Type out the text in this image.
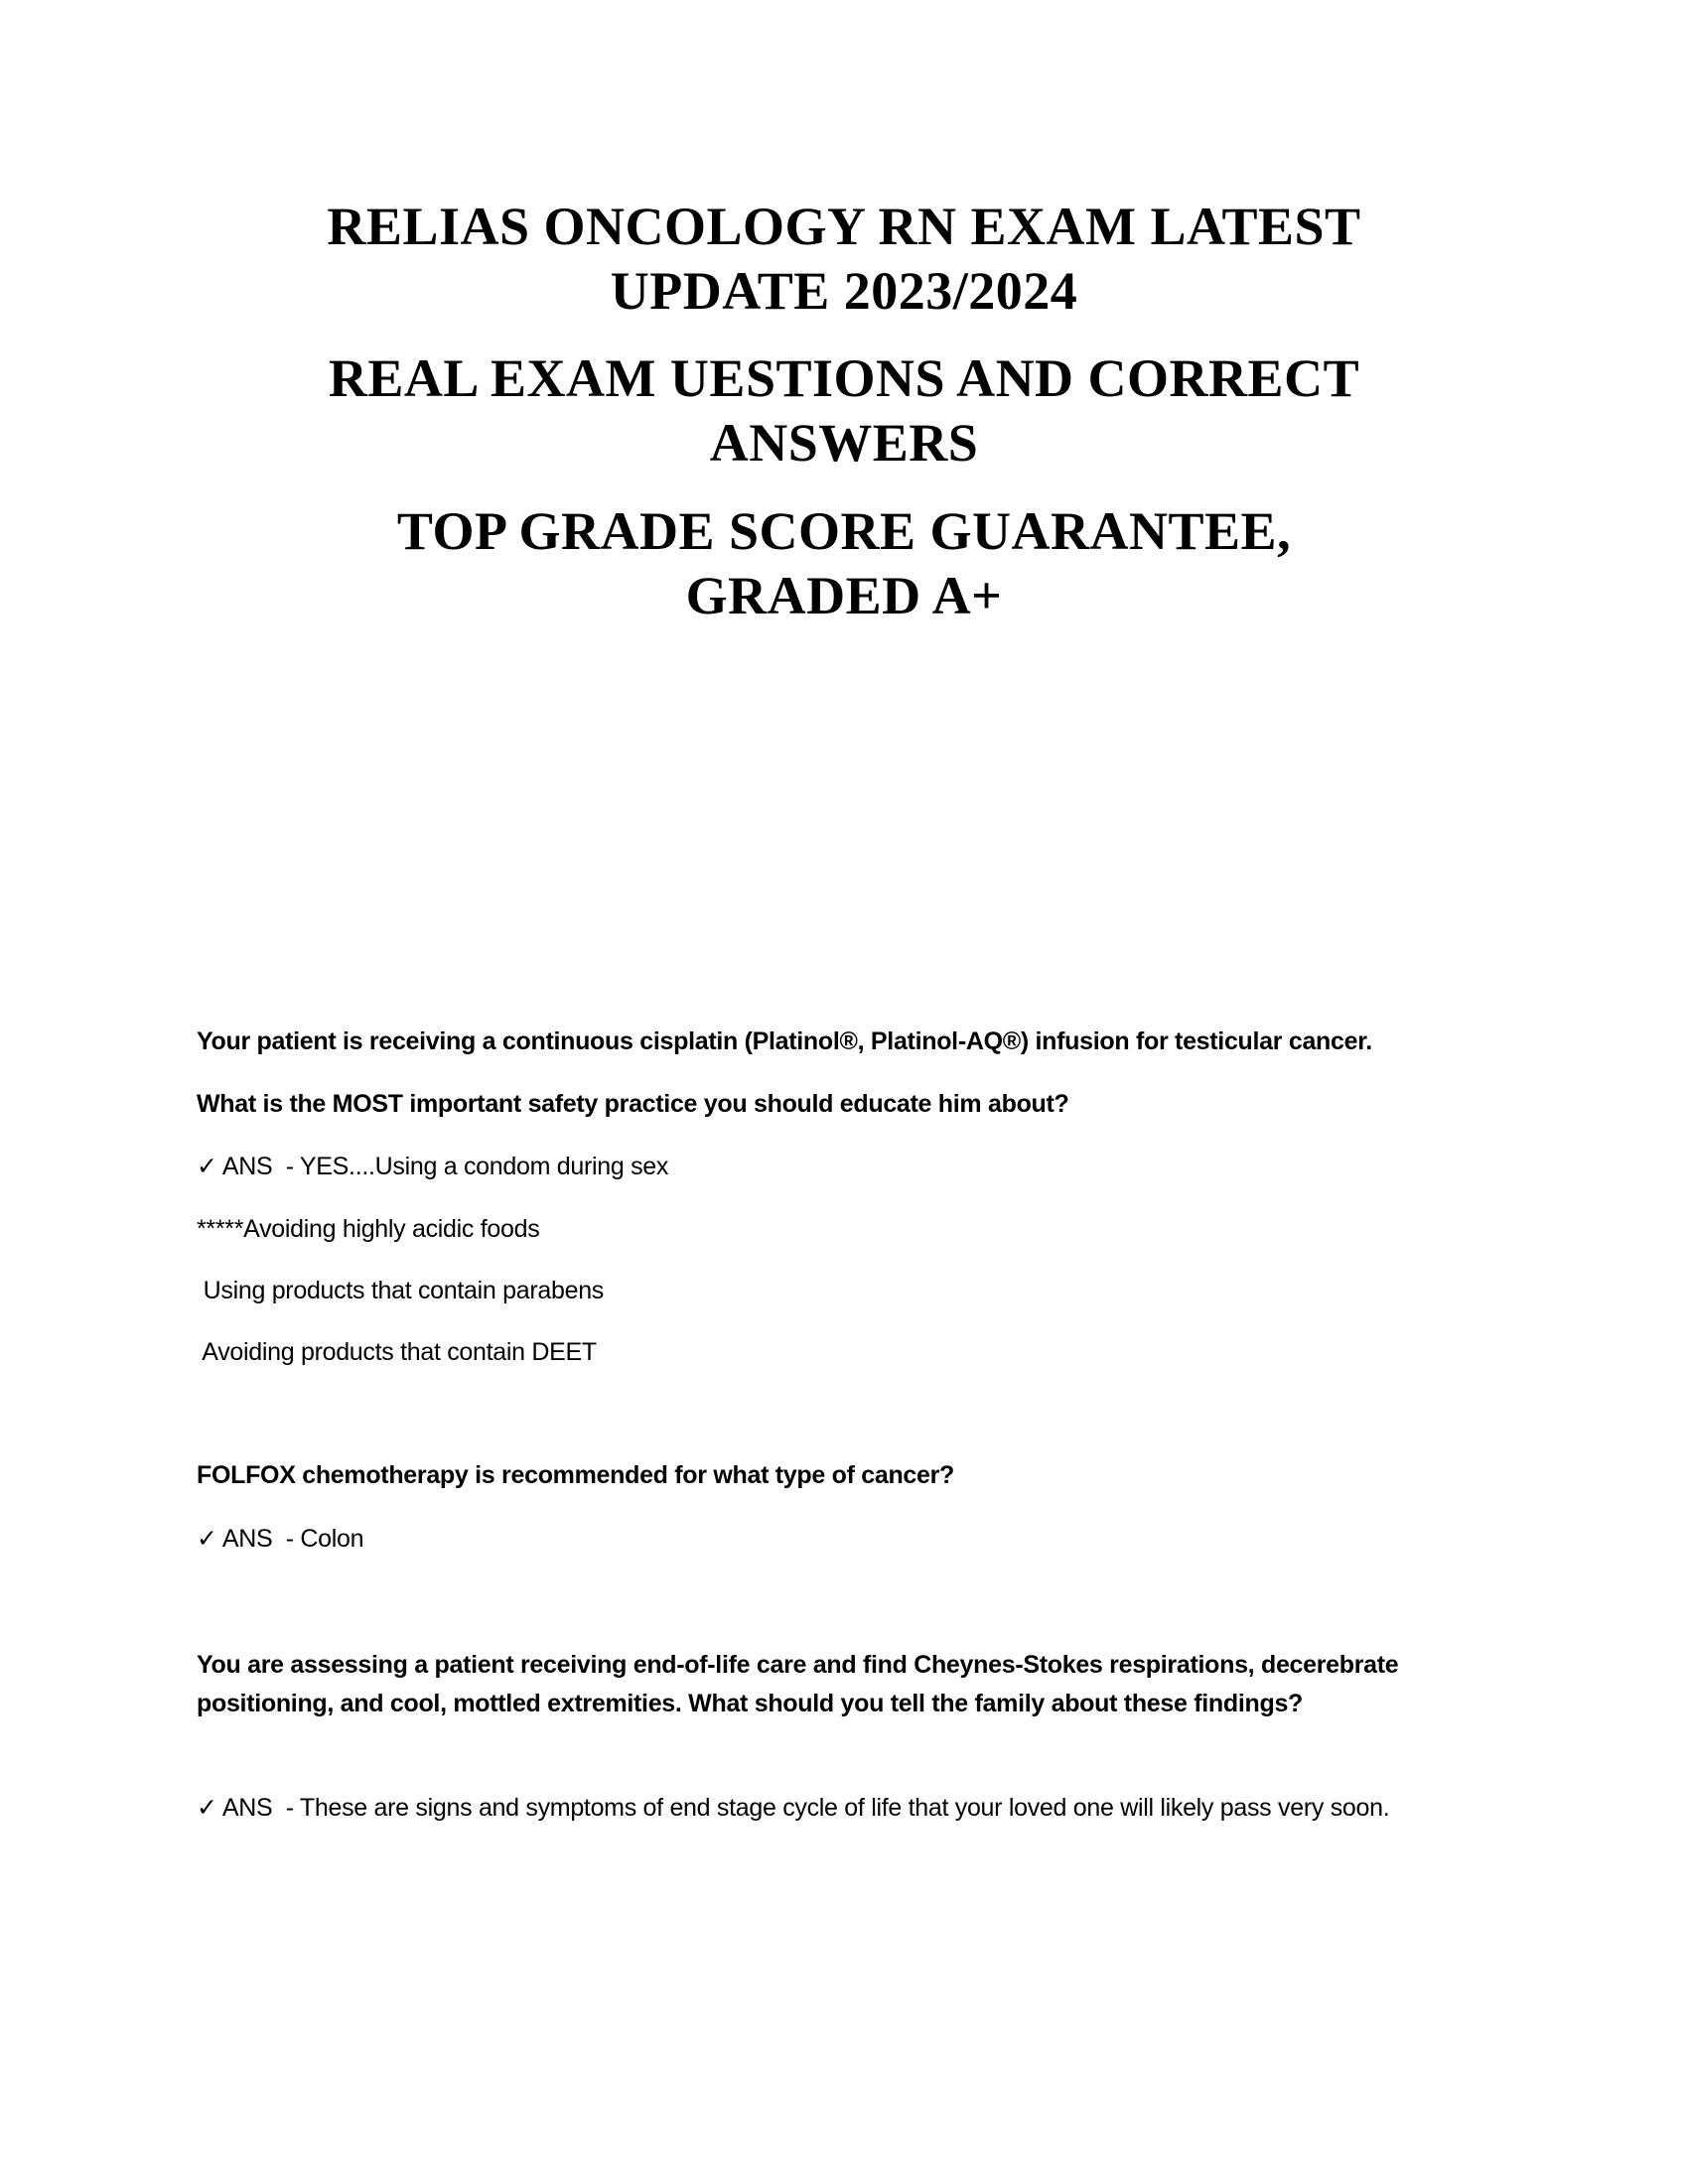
RELIAS ONCOLOGY RN EXAM LATEST
UPDATE 2023/2024
REAL EXAM UESTIONS AND CORRECT
ANSWERS
TOP GRADE SCORE GUARANTEE,
GRADED A+
Your patient is receiving a continuous cisplatin (Platinol®, Platinol-AQ®) infusion for testicular cancer.
What is the MOST important safety practice you should educate him about?
✓ ANS  - YES....Using a condom during sex
*****Avoiding highly acidic foods
Using products that contain parabens
Avoiding products that contain DEET
FOLFOX chemotherapy is recommended for what type of cancer?
✓ ANS  - Colon
You are assessing a patient receiving end-of-life care and find Cheynes-Stokes respirations, decerebrate positioning, and cool, mottled extremities. What should you tell the family about these findings?
✓ ANS  - These are signs and symptoms of end stage cycle of life that your loved one will likely pass very soon.
